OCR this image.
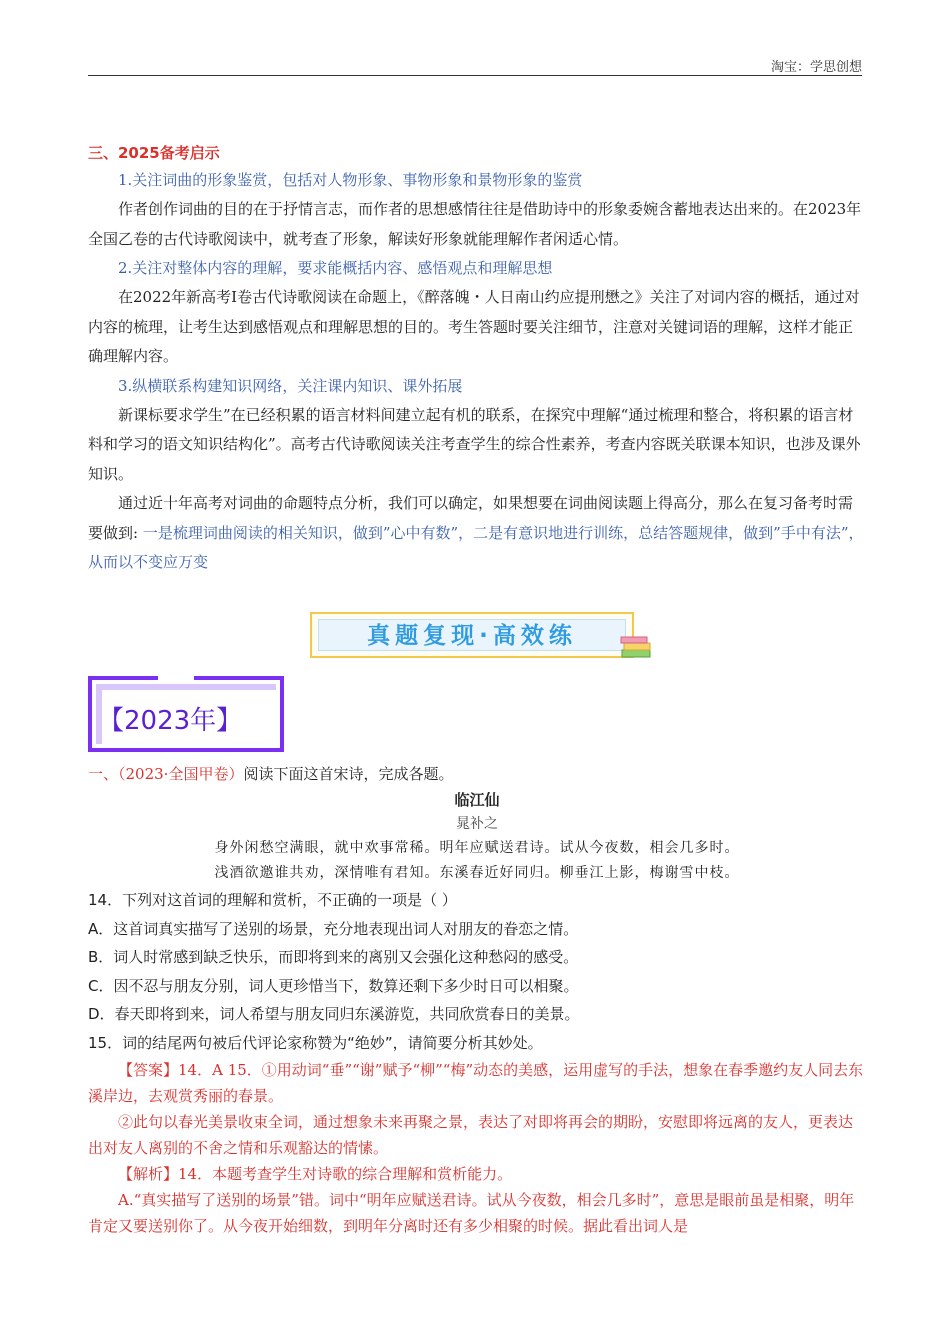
淘宝：学思创想
三、2025备考启示
1.关注词曲的形象鉴赏，包括对人物形象、事物形象和景物形象的鉴赏
作者创作词曲的目的在于抒情言志，而作者的思想感情往往是借助诗中的形象委婉含蓄地表达出来的。在2023年全国乙卷的古代诗歌阅读中，就考查了形象，解读好形象就能理解作者闲适心情。
2.关注对整体内容的理解，要求能概括内容、感悟观点和理解思想
在2022年新高考Ⅰ卷古代诗歌阅读在命题上，《醉落魄・人日南山约应提刑懋之》关注了对词内容的概括，通过对内容的梳理，让考生达到感悟观点和理解思想的目的。考生答题时要关注细节，注意对关键词语的理解，这样才能正确理解内容。
3.纵横联系构建知识网络，关注课内知识、课外拓展
新课标要求学生”在已经积累的语言材料间建立起有机的联系，在探究中理解“通过梳理和整合，将积累的语言材料和学习的语文知识结构化”。高考古代诗歌阅读关注考查学生的综合性素养，考查内容既关联课本知识，也涉及课外知识。
通过近十年高考对词曲的命题特点分析，我们可以确定，如果想要在词曲阅读题上得高分，那么在复习备考时需要做到: 一是梳理词曲阅读的相关知识，做到”心中有数”，二是有意识地进行训练，总结答题规律，做到”手中有法”，从而以不变应万变
真题复现·高效练
【2023年】
一、（2023·全国甲卷）阅读下面这首宋诗，完成各题。
临江仙
晁补之
身外闲愁空满眼，就中欢事常稀。明年应赋送君诗。试从今夜数，相会几多时。
浅酒欲邀谁共劝，深情唯有君知。东溪春近好同归。柳垂江上影，梅谢雪中枝。
14．下列对这首词的理解和赏析，不正确的一项是（ ）
A．这首词真实描写了送别的场景，充分地表现出词人对朋友的眷恋之情。
B．词人时常感到缺乏快乐，而即将到来的离别又会强化这种愁闷的感受。
C．因不忍与朋友分别，词人更珍惜当下，数算还剩下多少时日可以相聚。
D．春天即将到来，词人希望与朋友同归东溪游览，共同欣赏春日的美景。
15．词的结尾两句被后代评论家称赞为“绝妙”，请简要分析其妙处。
【答案】14．A 15．①用动词“垂”“谢”赋予“柳”“梅”动态的美感，运用虚写的手法，想象在春季邀约友人同去东溪岸边，去观赏秀丽的春景。
②此句以春光美景收束全词，通过想象未来再聚之景，表达了对即将再会的期盼，安慰即将远离的友人，更表达出对友人离别的不舍之情和乐观豁达的情愫。
【解析】14．本题考查学生对诗歌的综合理解和赏析能力。
A.“真实描写了送别的场景”错。词中“明年应赋送君诗。试从今夜数，相会几多时”，意思是眼前虽是相聚，明年肯定又要送别你了。从今夜开始细数，到明年分离时还有多少相聚的时候。据此看出词人是
